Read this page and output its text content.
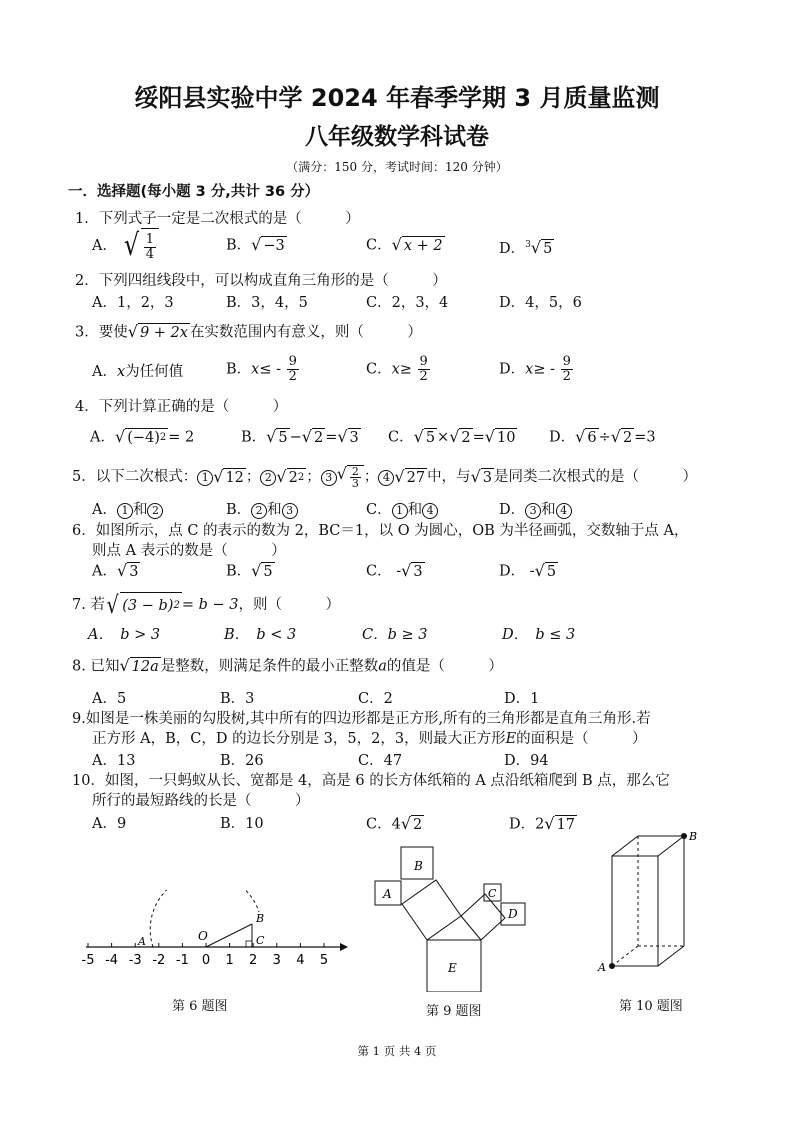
绥阳县实验中学 2024 年春季学期 3 月质量监测
八年级数学科试卷
（满分：150 分，考试时间：120 分钟）
一．选择题(每小题 3 分,共计 36 分）
1．下列式子一定是二次根式的是（　　　）
A． √ $\frac{1}{4}$	B． √ −3	C． √ x + 2	D．$^3$ √ 5
2．下列四组线段中，可以构成直角三角形的是（　　　）
A．1，2，3	B．3，4，5	C．2，3，4	D．4，5，6
3．要使 √ 9 + 2x 在实数范围内有意义，则（　　　）
A．x为任何值	B．$x\le - \frac{9}{2}$	C．$x\ge \frac{9}{2}$	D．$x\ge - \frac{9}{2}$
4．下列计算正确的是（　　　）
A． √ (−4) 2 = 2	B． √ 5 − √ 2 = √ 3 C． √ 5 × √ 2 = √ 10 D． √ 6 ÷ √ 2 =3
5．以下二次根式： 1 √ 12 ； 2 √ 2 2 ； 3 √ $\frac{2}{3}$ ； 4 √ 27 中，与 √ 3 是同类二次根式的是（　　　）
A． 1 和 2	B． 2 和 3	C． 1 和 4	D． 3 和 4
6．如图所示，点 C 的表示的数为 2，BC＝1，以 O 为圆心，OB 为半径画弧，交数轴于点 A，
则点 A 表示的数是（　　　）
A． √ 3	B． √ 5	C． - √ 3	D． - √ 5
7. 若 √ (3 − b) 2 = b − 3，则（　　　）
A．　b > 3	B．　b < 3	C．b ≥ 3	D．　b ≤ 3
8. 已知 √ 12a 是整数，则满足条件的最小正整数a的值是（　　　）
A．5	B．3	C．2	D．1
9.如图是一株美丽的勾股树,其中所有的四边形都是正方形,所有的三角形都是直角三角形.若
正方形 A，B，C，D 的边长分别是 3，5，2，3，则最大正方形E的面积是（　　　）
A．13	B．26	C．47	D．94
10．如图，一只蚂蚁从长、宽都是 4，高是 6 的长方体纸箱的 A 点沿纸箱爬到 B 点，那么它
所行的最短路线的长是（　　　）
A．9	B．10	C．4 √ 2	D．2 √ 17
-5 -4 -3 -2 -1 0 1 2 3 4 5
O
A
B
C
第 6 题图
B
A	C
D
E
第 9 题图
A
B
第 10 题图
第 1 页 共 4 页
